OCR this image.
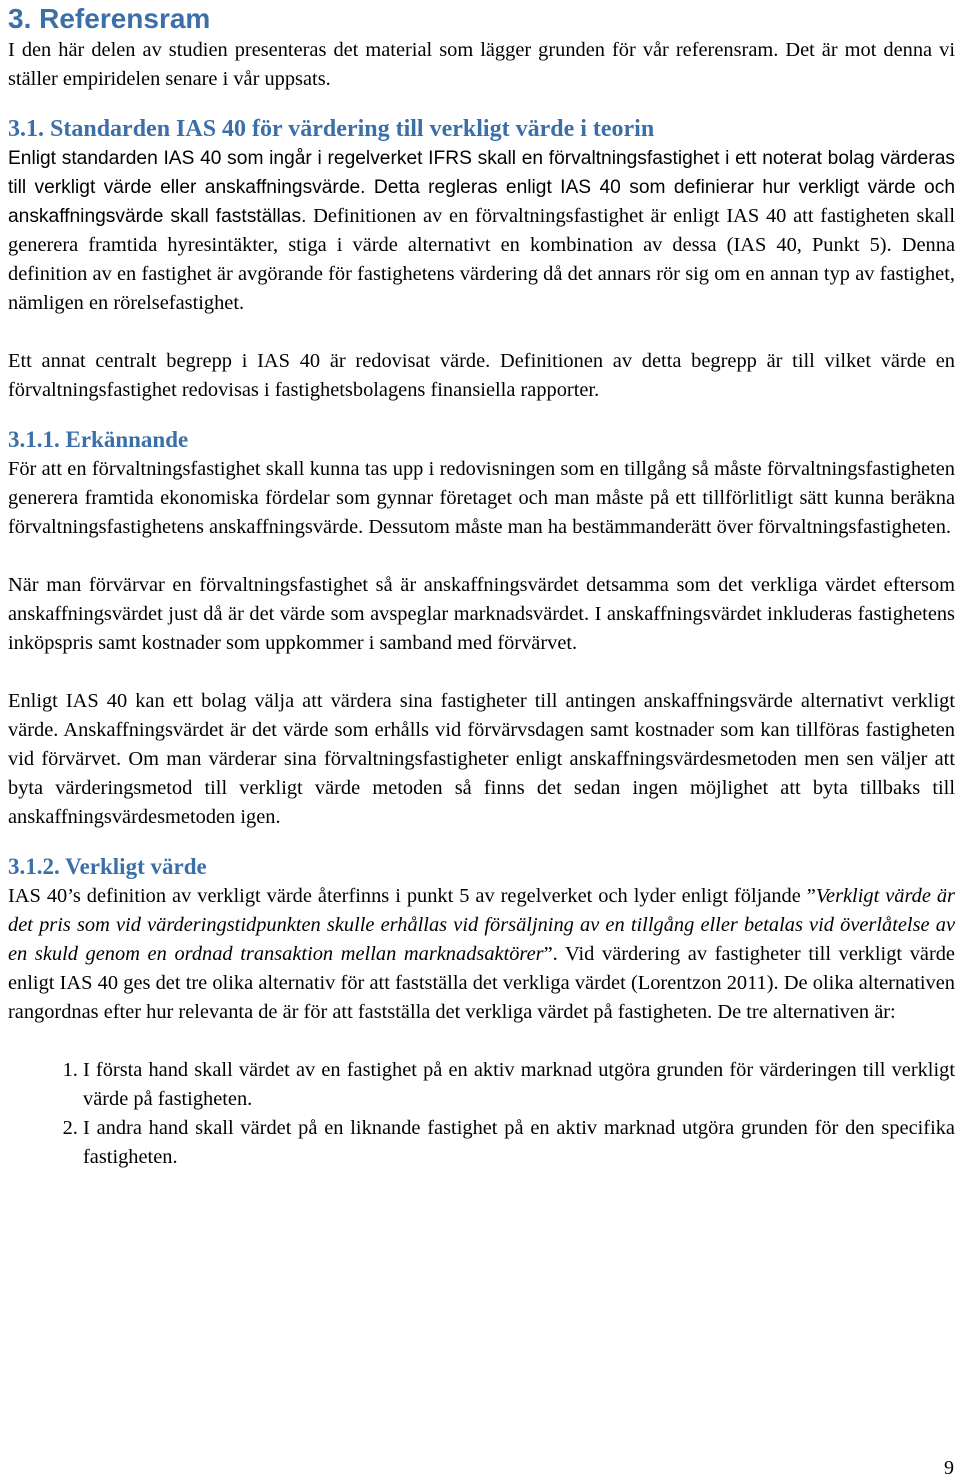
3. Referensram

I den här delen av studien presenteras det material som lägger grunden för vår referensram. Det är mot denna vi ställer empiridelen senare i vår uppsats.

3.1. Standarden IAS 40 för värdering till verkligt värde i teorin

Enligt standarden IAS 40 som ingår i regelverket IFRS skall en förvaltningsfastighet i ett noterat bolag värderas till verkligt värde eller anskaffningsvärde. Detta regleras enligt IAS 40 som definierar hur verkligt värde och anskaffningsvärde skall fastställas. Definitionen av en förvaltningsfastighet är enligt IAS 40 att fastigheten skall generera framtida hyresintäkter, stiga i värde alternativt en kombination av dessa (IAS 40, Punkt 5). Denna definition av en fastighet är avgörande för fastighetens värdering då det annars rör sig om en annan typ av fastighet, nämligen en rörelsefastighet.

Ett annat centralt begrepp i IAS 40 är redovisat värde. Definitionen av detta begrepp är till vilket värde en förvaltningsfastighet redovisas i fastighetsbolagens finansiella rapporter.

3.1.1. Erkännande

För att en förvaltningsfastighet skall kunna tas upp i redovisningen som en tillgång så måste förvaltningsfastigheten generera framtida ekonomiska fördelar som gynnar företaget och man måste på ett tillförlitligt sätt kunna beräkna förvaltningsfastighetens anskaffningsvärde. Dessutom måste man ha bestämmanderätt över förvaltningsfastigheten.

När man förvärvar en förvaltningsfastighet så är anskaffningsvärdet detsamma som det verkliga värdet eftersom anskaffningsvärdet just då är det värde som avspeglar marknadsvärdet. I anskaffningsvärdet inkluderas fastighetens inköpspris samt kostnader som uppkommer i samband med förvärvet.

Enligt IAS 40 kan ett bolag välja att värdera sina fastigheter till antingen anskaffningsvärde alternativt verkligt värde. Anskaffningsvärdet är det värde som erhålls vid förvärvsdagen samt kostnader som kan tillföras fastigheten vid förvärvet. Om man värderar sina förvaltningsfastigheter enligt anskaffningsvärdesmetoden men sen väljer att byta värderingsmetod till verkligt värde metoden så finns det sedan ingen möjlighet att byta tillbaks till anskaffningsvärdesmetoden igen.

3.1.2. Verkligt värde

IAS 40’s definition av verkligt värde återfinns i punkt 5 av regelverket och lyder enligt följande ”Verkligt värde är det pris som vid värderingstidpunkten skulle erhållas vid försäljning av en tillgång eller betalas vid överlåtelse av en skuld genom en ordnad transaktion mellan marknadsaktörer”. Vid värdering av fastigheter till verkligt värde enligt IAS 40 ges det tre olika alternativ för att fastställa det verkliga värdet (Lorentzon 2011). De olika alternativen rangordnas efter hur relevanta de är för att fastställa det verkliga värdet på fastigheten. De tre alternativen är:

1. I första hand skall värdet av en fastighet på en aktiv marknad utgöra grunden för värderingen till verkligt värde på fastigheten.
2. I andra hand skall värdet på en liknande fastighet på en aktiv marknad utgöra grunden för den specifika fastigheten.
9
